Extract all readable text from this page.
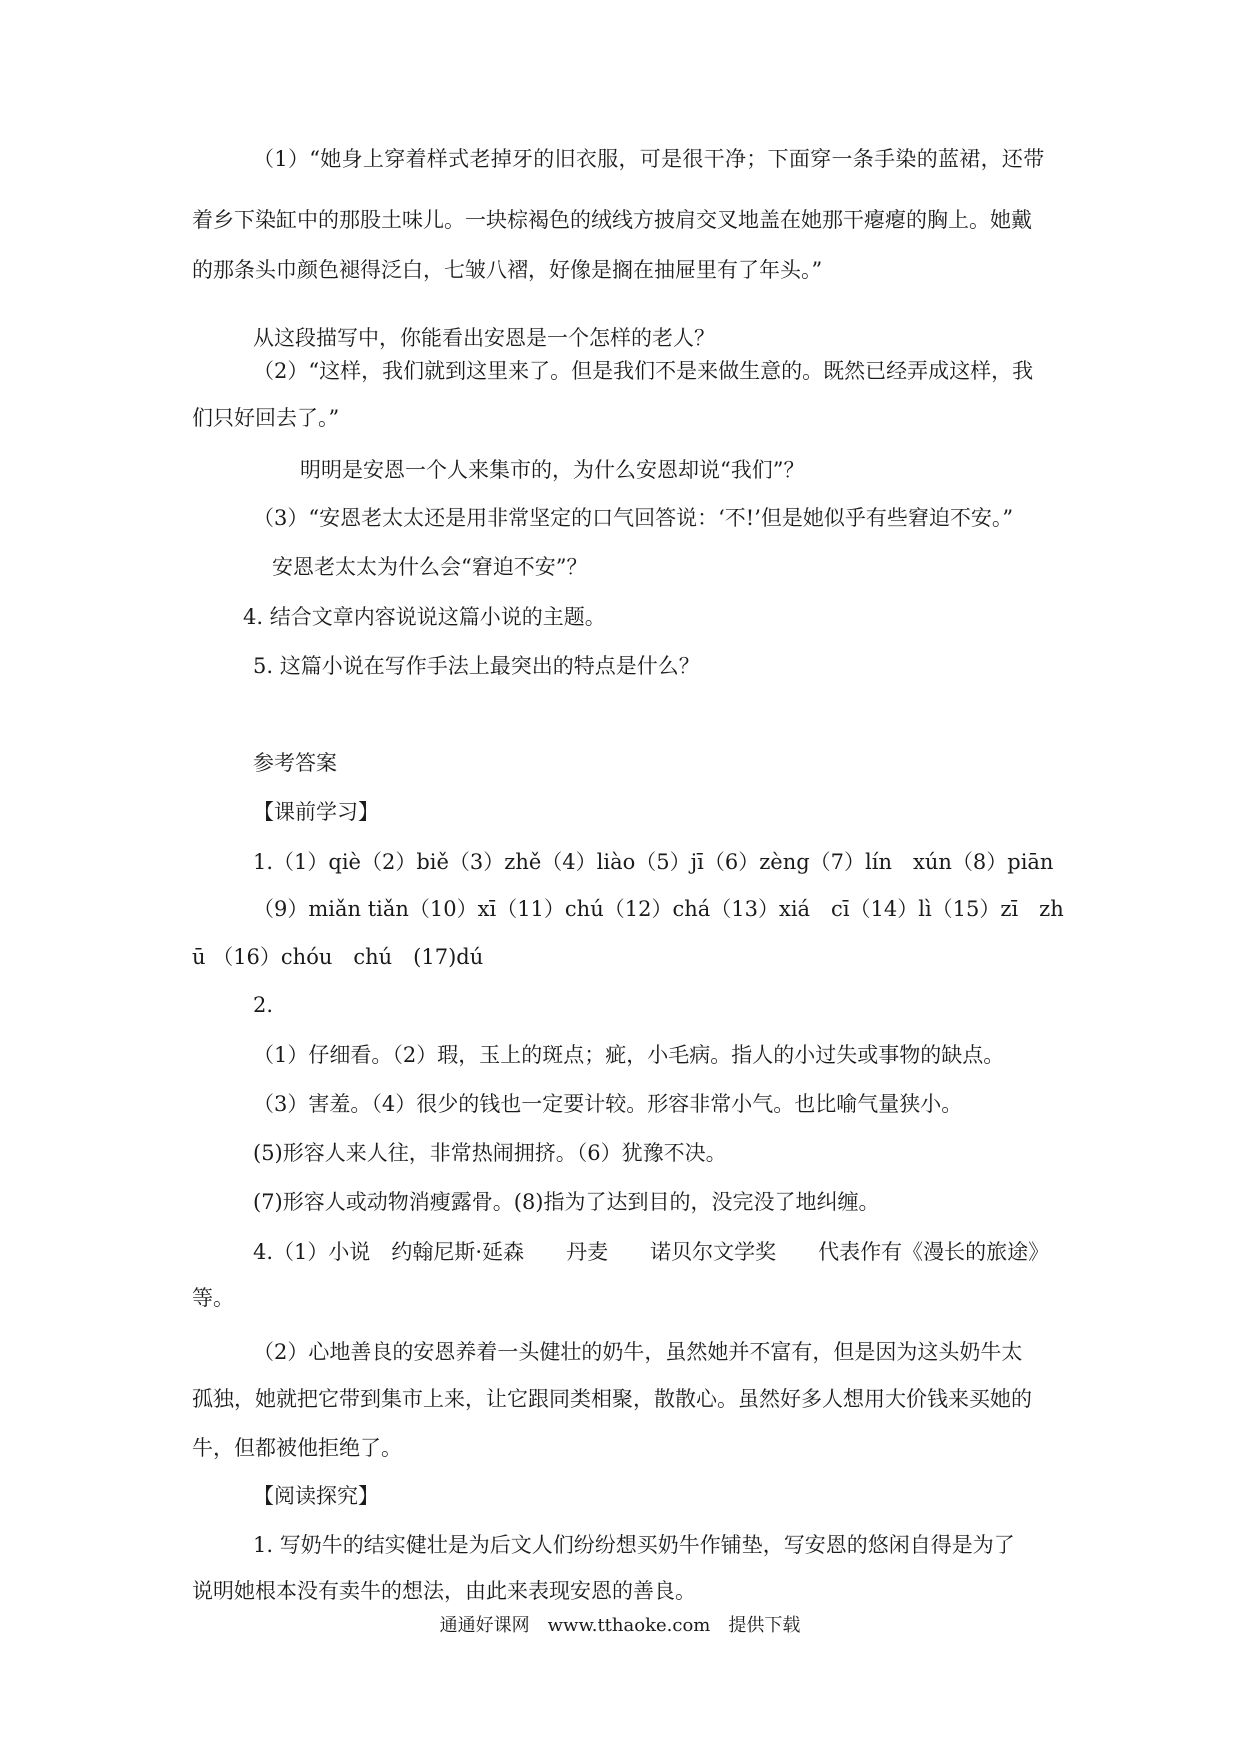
（1）“她身上穿着样式老掉牙的旧衣服，可是很干净；下面穿一条手染的蓝裙，还带
着乡下染缸中的那股土味儿。一块棕褐色的绒线方披肩交叉地盖在她那干瘪瘪的胸上。她戴
的那条头巾颜色褪得泛白，七皱八褶，好像是搁在抽屉里有了年头。”
从这段描写中，你能看出安恩是一个怎样的老人？
（2）“这样，我们就到这里来了。但是我们不是来做生意的。既然已经弄成这样，我
们只好回去了。”
明明是安恩一个人来集市的，为什么安恩却说“我们”？
（3）“安恩老太太还是用非常坚定的口气回答说：‘不!’但是她似乎有些窘迫不安。”
安恩老太太为什么会“窘迫不安”？
4. 结合文章内容说说这篇小说的主题。
5. 这篇小说在写作手法上最突出的特点是什么？
参考答案
【课前学习】
1.（1）qiè（2）biě（3）zhě（4）liào（5）jī（6）zèng（7）lín　xún（8）piān
（9）miǎn tiǎn（10）xī（11）chú（12）chá（13）xiá　cī（14）lì（15）zī　zh
ū （16）chóu　chú　(17)dú
2.
（1）仔细看。（2）瑕，玉上的斑点；疵，小毛病。指人的小过失或事物的缺点。
（3）害羞。（4）很少的钱也一定要计较。形容非常小气。也比喻气量狭小。
(5)形容人来人往，非常热闹拥挤。（6）犹豫不决。
(7)形容人或动物消瘦露骨。(8)指为了达到目的，没完没了地纠缠。
4.（1）小说　约翰尼斯·延森　　丹麦　　诺贝尔文学奖　　代表作有《漫长的旅途》
等。
（2）心地善良的安恩养着一头健壮的奶牛，虽然她并不富有，但是因为这头奶牛太
孤独，她就把它带到集市上来，让它跟同类相聚，散散心。虽然好多人想用大价钱来买她的
牛，但都被他拒绝了。
【阅读探究】
1. 写奶牛的结实健壮是为后文人们纷纷想买奶牛作铺垫，写安恩的悠闲自得是为了
说明她根本没有卖牛的想法，由此来表现安恩的善良。
通通好课网　www.tthaoke.com　提供下载
